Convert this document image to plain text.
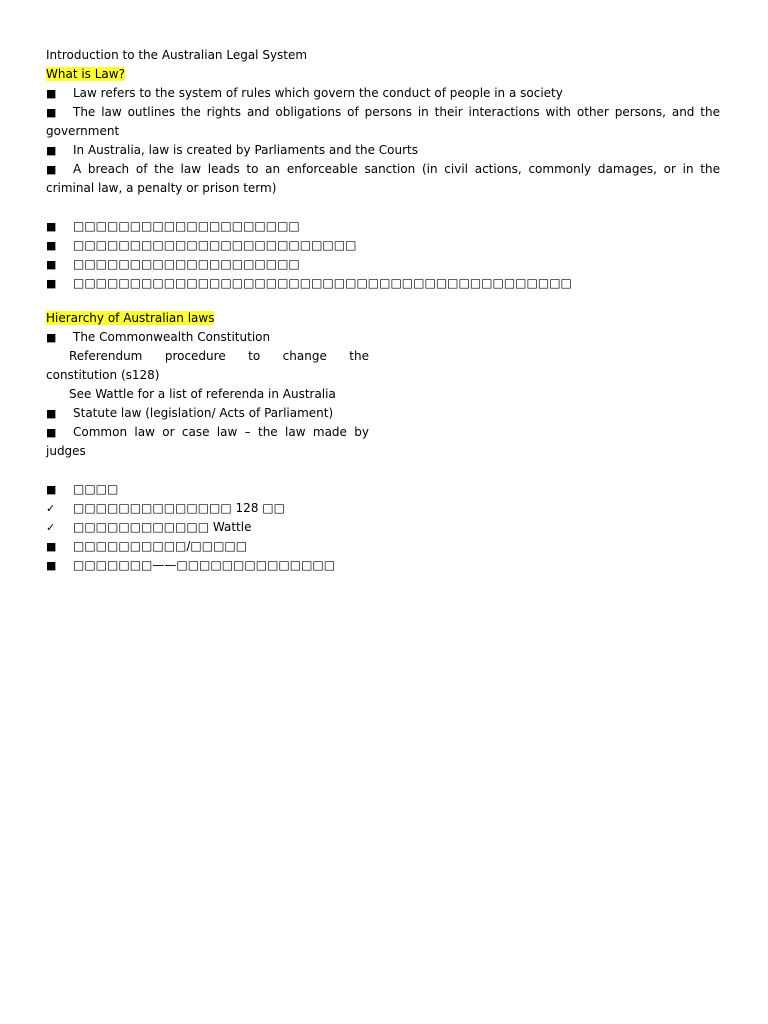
Introduction to the Australian Legal System

What is Law?

■	Law refers to the system of rules which govern the conduct of people in a society
■ The law outlines the rights and obligations of persons in their interactions with other persons, and the government
■	In Australia, law is created by Parliaments and the Courts
■ A breach of the law leads to an enforceable sanction (in civil actions, commonly damages, or in the criminal law, a penalty or prison term)
■	□□□□□□□□□□□□□□□□□□□□
■	□□□□□□□□□□□□□□□□□□□□□□□□□
■	□□□□□□□□□□□□□□□□□□□□
■	□□□□□□□□□□□□□□□□□□□□□□□□□□□□□□□□□□□□□□□□□□□□

Hierarchy of Australian laws

■	The Commonwealth Constitution
Referendum procedure to change the constitution (s128)
See Wattle for a list of referenda in Australia
■	Statute law (legislation/ Acts of Parliament)
■ Common law or case law – the law made by judges
■	□□□□
✓	□□□□□□□□□□□□□□ 128 □□
✓	□□□□□□□□□□□□ Wattle
■	□□□□□□□□□□/□□□□□
■	□□□□□□□——□□□□□□□□□□□□□□
